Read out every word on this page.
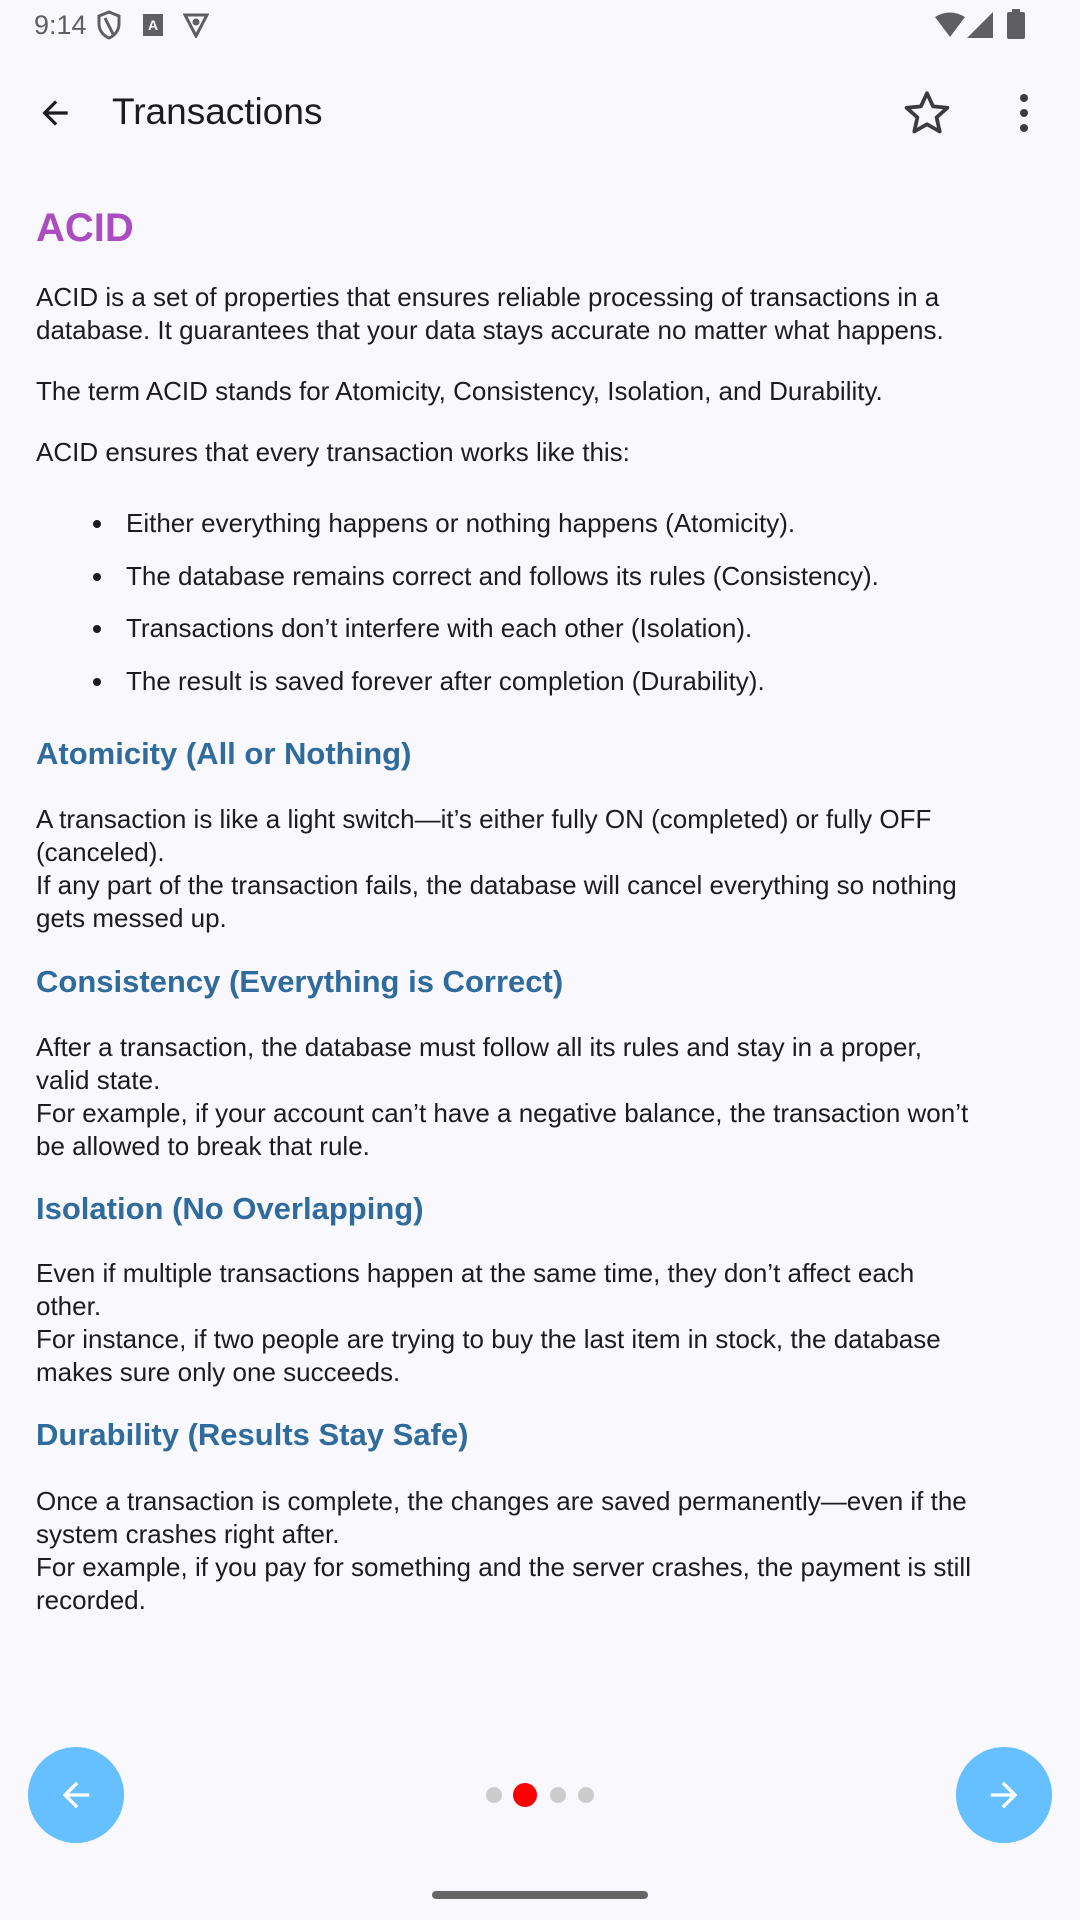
9:14	A
Transactions
ACID
ACID is a set of properties that ensures reliable processing of transactions in a
database. It guarantees that your data stays accurate no matter what happens.
The term ACID stands for Atomicity, Consistency, Isolation, and Durability.
ACID ensures that every transaction works like this:
Either everything happens or nothing happens (Atomicity).
The database remains correct and follows its rules (Consistency).
Transactions don’t interfere with each other (Isolation).
The result is saved forever after completion (Durability).
Atomicity (All or Nothing)
A transaction is like a light switch—it’s either fully ON (completed) or fully OFF
(canceled).
If any part of the transaction fails, the database will cancel everything so nothing
gets messed up.
Consistency (Everything is Correct)
After a transaction, the database must follow all its rules and stay in a proper,
valid state.
For example, if your account can’t have a negative balance, the transaction won’t
be allowed to break that rule.
Isolation (No Overlapping)
Even if multiple transactions happen at the same time, they don’t affect each
other.
For instance, if two people are trying to buy the last item in stock, the database
makes sure only one succeeds.
Durability (Results Stay Safe)
Once a transaction is complete, the changes are saved permanently—even if the
system crashes right after.
For example, if you pay for something and the server crashes, the payment is still
recorded.
